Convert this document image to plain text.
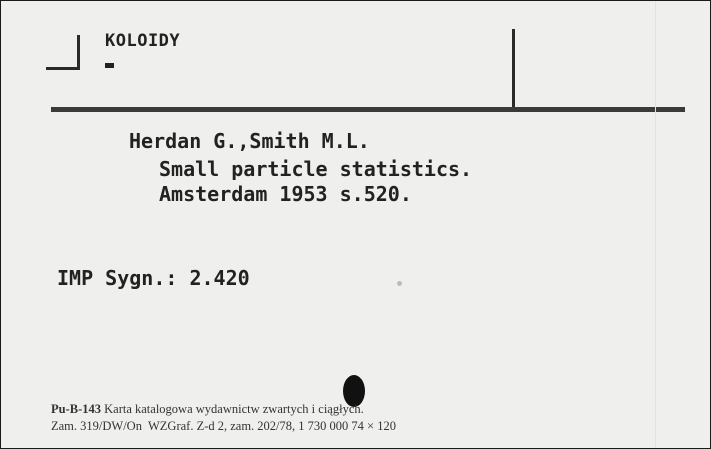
KOLOIDY
Herdan G.,Smith M.L.
Small particle statistics.
Amsterdam 1953 s.520.
IMP Sygn.: 2.420
Pu-B-143 Karta katalogowa wydawnictw zwartych i ciągłych.
Zam. 319/DW/On  WZGraf. Z-d 2, zam. 202/78, 1 730 000 74 × 120
